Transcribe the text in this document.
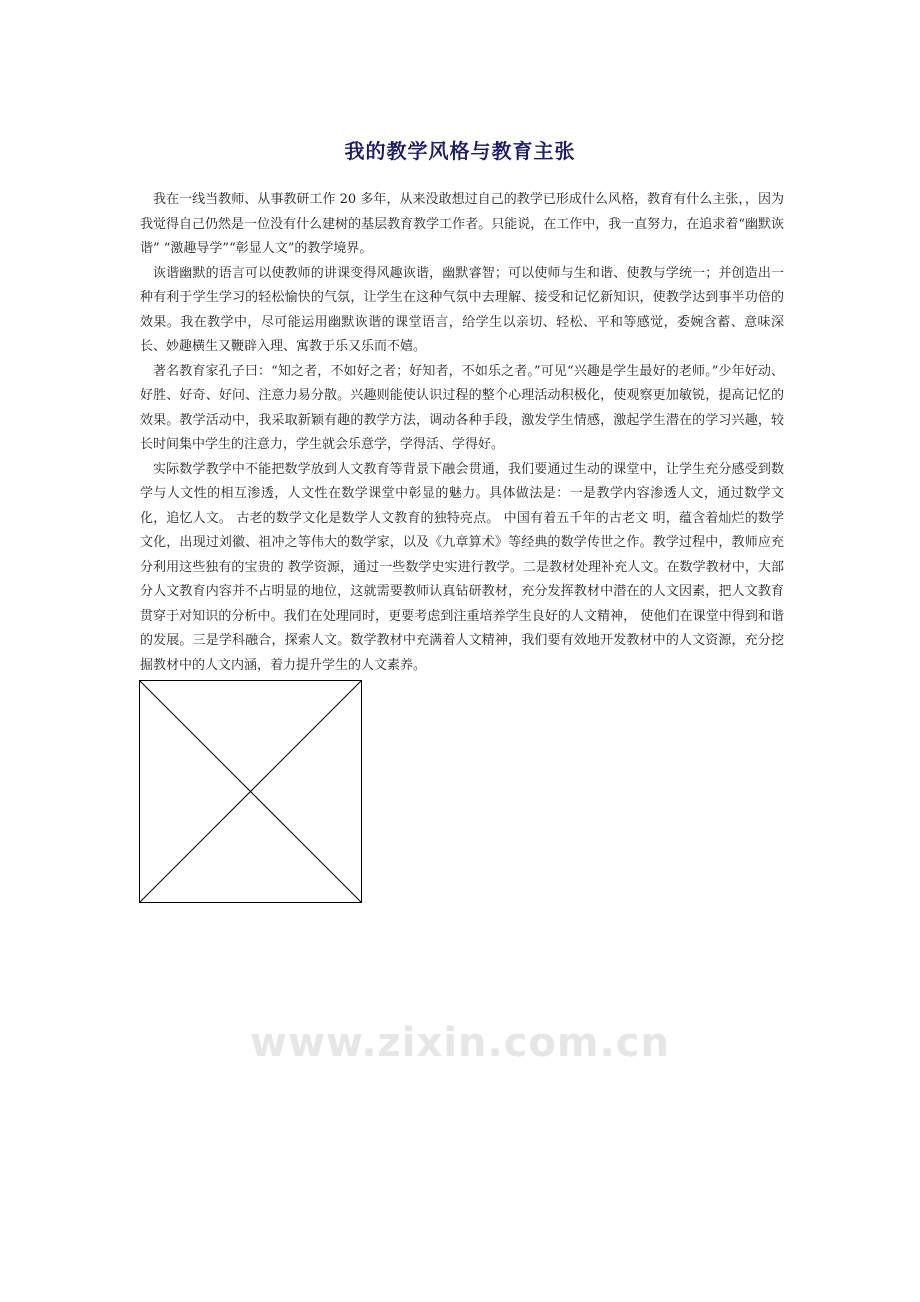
www.zixin.com.cn
我的教学风格与教育主张

我在一线当教师、从事教研工作 20 多年，从来没敢想过自己的教学已形成什么风格，教育有什么主张，，因为我觉得自己仍然是一位没有什么建树的基层教育教学工作者。只能说，在工作中，我一直努力，在追求着“幽默诙谐” “激趣导学”“彰显人文”的教学境界。

诙谐幽默的语言可以使教师的讲课变得风趣诙谐，幽默睿智；可以使师与生和谐、使教与学统一；并创造出一种有利于学生学习的轻松愉快的气氛，让学生在这种气氛中去理解、接受和记忆新知识，使教学达到事半功倍的效果。我在教学中，尽可能运用幽默诙谐的课堂语言，给学生以亲切、轻松、平和等感觉，委婉含蓄、意味深长、妙趣横生又鞭辟入理、寓教于乐又乐而不嬉。

著名教育家孔子曰：“知之者，不如好之者；好知者，不如乐之者。”可见“兴趣是学生最好的老师。”少年好动、好胜、好奇、好问、注意力易分散。兴趣则能使认识过程的整个心理活动积极化，使观察更加敏锐，提高记忆的效果。教学活动中，我采取新颖有趣的教学方法，调动各种手段，激发学生情感，激起学生潜在的学习兴趣，较长时间集中学生的注意力，学生就会乐意学，学得活、学得好。

实际数学教学中不能把数学放到人文教育等背景下融会贯通，我们要通过生动的课堂中，让学生充分感受到数学与人文性的相互渗透，人文性在数学课堂中彰显的魅力。具体做法是：一是教学内容渗透人文，通过数学文化，追忆人文。 古老的数学文化是数学人文教育的独特亮点。 中国有着五千年的古老文 明，蕴含着灿烂的数学文化，出现过刘徽、祖冲之等伟大的数学家，以及《九章算术》等经典的数学传世之作。教学过程中，教师应充分利用这些独有的宝贵的 教学资源，通过一些数学史实进行教学。二是教材处理补充人文。在数学教材中，大部分人文教育内容并不占明显的地位，这就需要教师认真钻研教材，充分发挥教材中潜在的人文因素，把人文教育贯穿于对知识的分析中。我们在处理同时，更要考虑到注重培养学生良好的人文精神， 使他们在课堂中得到和谐的发展。三是学科融合，探索人文。数学教材中充满着人文精神，我们要有效地开发教材中的人文资源，充分挖 掘教材中的人文内涵，着力提升学生的人文素养。
